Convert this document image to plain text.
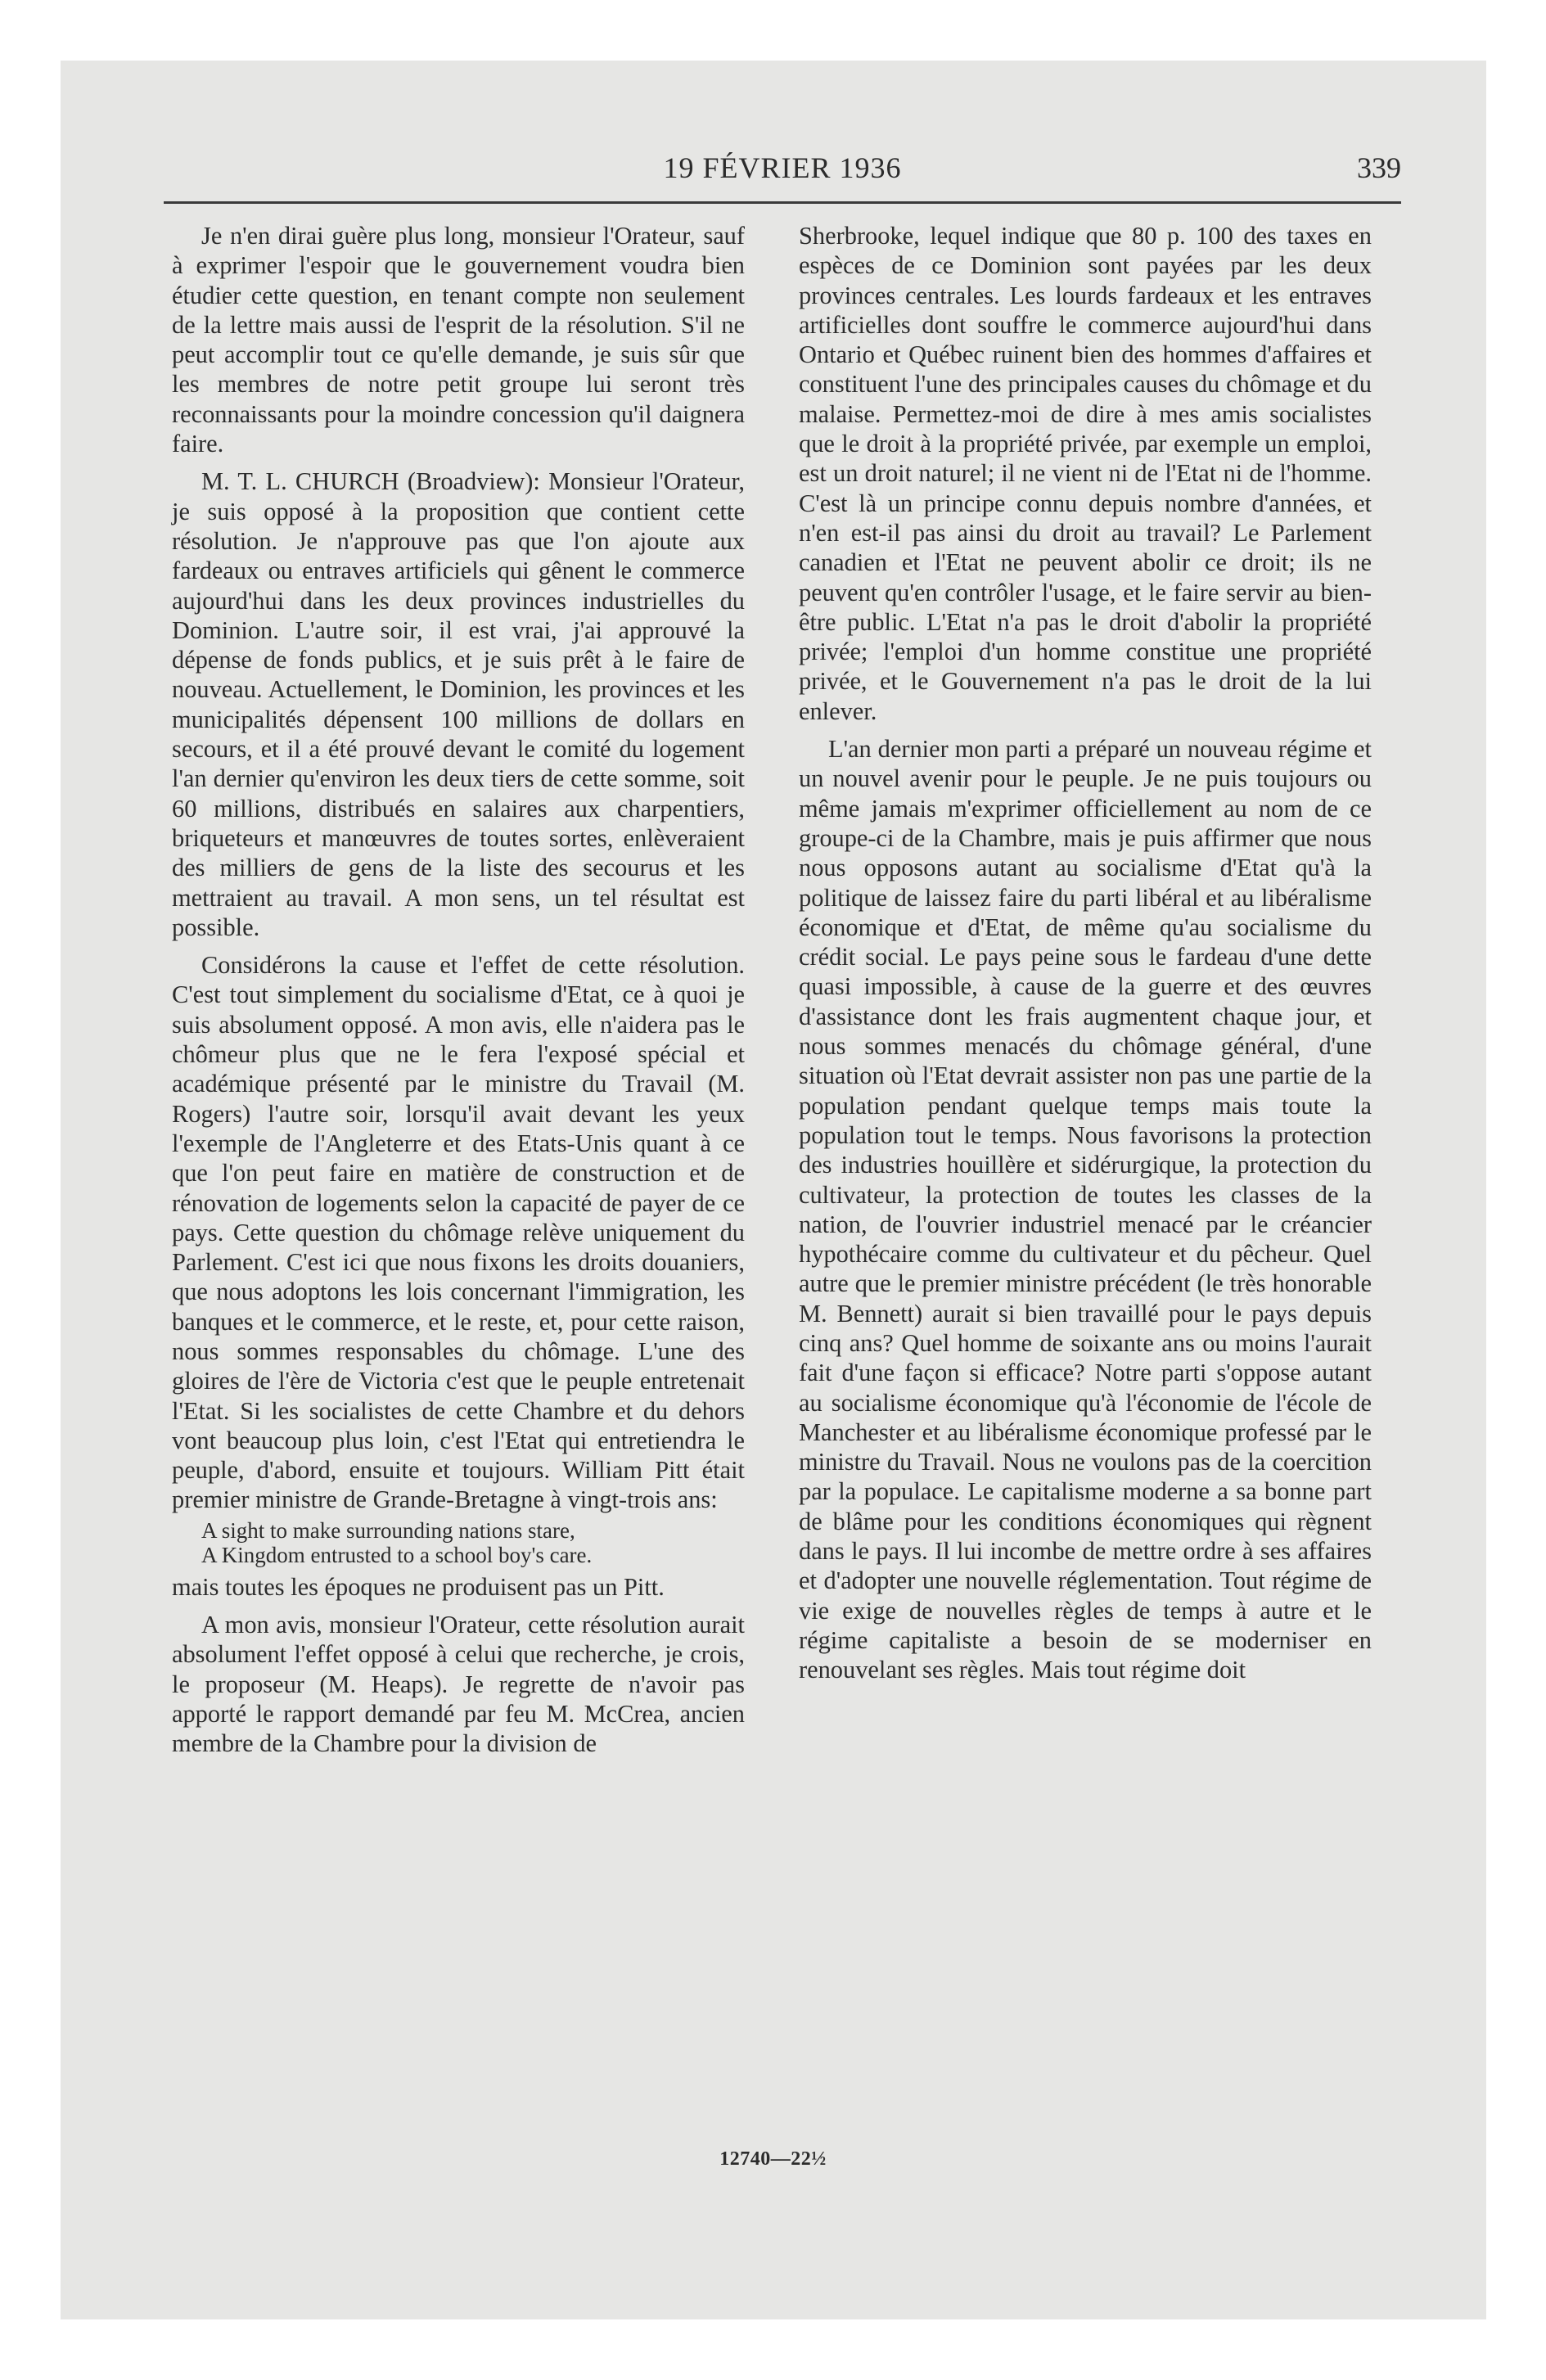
19 FÉVRIER 1936	339

Je n'en dirai guère plus long, monsieur l'Orateur, sauf à exprimer l'espoir que le gouvernement voudra bien étudier cette question, en tenant compte non seulement de la lettre mais aussi de l'esprit de la résolution. S'il ne peut accomplir tout ce qu'elle demande, je suis sûr que les membres de notre petit groupe lui seront très reconnaissants pour la moindre concession qu'il daignera faire.

M. T. L. CHURCH (Broadview): Monsieur l'Orateur, je suis opposé à la proposition que contient cette résolution. Je n'approuve pas que l'on ajoute aux fardeaux ou entraves artificiels qui gênent le commerce aujourd'hui dans les deux provinces industrielles du Dominion. L'autre soir, il est vrai, j'ai approuvé la dépense de fonds publics, et je suis prêt à le faire de nouveau. Actuellement, le Dominion, les provinces et les municipalités dépensent 100 millions de dollars en secours, et il a été prouvé devant le comité du logement l'an dernier qu'environ les deux tiers de cette somme, soit 60 millions, distribués en salaires aux charpentiers, briqueteurs et manœuvres de toutes sortes, enlèveraient des milliers de gens de la liste des secourus et les mettraient au travail. A mon sens, un tel résultat est possible.

Considérons la cause et l'effet de cette résolution. C'est tout simplement du socialisme d'Etat, ce à quoi je suis absolument opposé. A mon avis, elle n'aidera pas le chômeur plus que ne le fera l'exposé spécial et académique présenté par le ministre du Travail (M. Rogers) l'autre soir, lorsqu'il avait devant les yeux l'exemple de l'Angleterre et des Etats-Unis quant à ce que l'on peut faire en matière de construction et de rénovation de logements selon la capacité de payer de ce pays. Cette question du chômage relève uniquement du Parlement. C'est ici que nous fixons les droits douaniers, que nous adoptons les lois concernant l'immigration, les banques et le commerce, et le reste, et, pour cette raison, nous sommes responsables du chômage. L'une des gloires de l'ère de Victoria c'est que le peuple entretenait l'Etat. Si les socialistes de cette Chambre et du dehors vont beaucoup plus loin, c'est l'Etat qui entretiendra le peuple, d'abord, ensuite et toujours. William Pitt était premier ministre de Grande-Bretagne à vingt-trois ans:

A sight to make surrounding nations stare,
A Kingdom entrusted to a school boy's care.

mais toutes les époques ne produisent pas un Pitt.

A mon avis, monsieur l'Orateur, cette résolution aurait absolument l'effet opposé à celui que recherche, je crois, le proposeur (M. Heaps). Je regrette de n'avoir pas apporté le rapport demandé par feu M. McCrea, ancien membre de la Chambre pour la division de

Sherbrooke, lequel indique que 80 p. 100 des taxes en espèces de ce Dominion sont payées par les deux provinces centrales. Les lourds fardeaux et les entraves artificielles dont souffre le commerce aujourd'hui dans Ontario et Québec ruinent bien des hommes d'affaires et constituent l'une des principales causes du chômage et du malaise. Permettez-moi de dire à mes amis socialistes que le droit à la propriété privée, par exemple un emploi, est un droit naturel; il ne vient ni de l'Etat ni de l'homme. C'est là un principe connu depuis nombre d'années, et n'en est-il pas ainsi du droit au travail? Le Parlement canadien et l'Etat ne peuvent abolir ce droit; ils ne peuvent qu'en contrôler l'usage, et le faire servir au bien-être public. L'Etat n'a pas le droit d'abolir la propriété privée; l'emploi d'un homme constitue une propriété privée, et le Gouvernement n'a pas le droit de la lui enlever.

L'an dernier mon parti a préparé un nouveau régime et un nouvel avenir pour le peuple. Je ne puis toujours ou même jamais m'exprimer officiellement au nom de ce groupe-ci de la Chambre, mais je puis affirmer que nous nous opposons autant au socialisme d'Etat qu'à la politique de laissez faire du parti libéral et au libéralisme économique et d'Etat, de même qu'au socialisme du crédit social. Le pays peine sous le fardeau d'une dette quasi impossible, à cause de la guerre et des œuvres d'assistance dont les frais augmentent chaque jour, et nous sommes menacés du chômage général, d'une situation où l'Etat devrait assister non pas une partie de la population pendant quelque temps mais toute la population tout le temps. Nous favorisons la protection des industries houillère et sidérurgique, la protection du cultivateur, la protection de toutes les classes de la nation, de l'ouvrier industriel menacé par le créancier hypothécaire comme du cultivateur et du pêcheur. Quel autre que le premier ministre précédent (le très honorable M. Bennett) aurait si bien travaillé pour le pays depuis cinq ans? Quel homme de soixante ans ou moins l'aurait fait d'une façon si efficace? Notre parti s'oppose autant au socialisme économique qu'à l'économie de l'école de Manchester et au libéralisme économique professé par le ministre du Travail. Nous ne voulons pas de la coercition par la populace. Le capitalisme moderne a sa bonne part de blâme pour les conditions économiques qui règnent dans le pays. Il lui incombe de mettre ordre à ses affaires et d'adopter une nouvelle réglementation. Tout régime de vie exige de nouvelles règles de temps à autre et le régime capitaliste a besoin de se moderniser en renouvelant ses règles. Mais tout régime doit

12740—22½
